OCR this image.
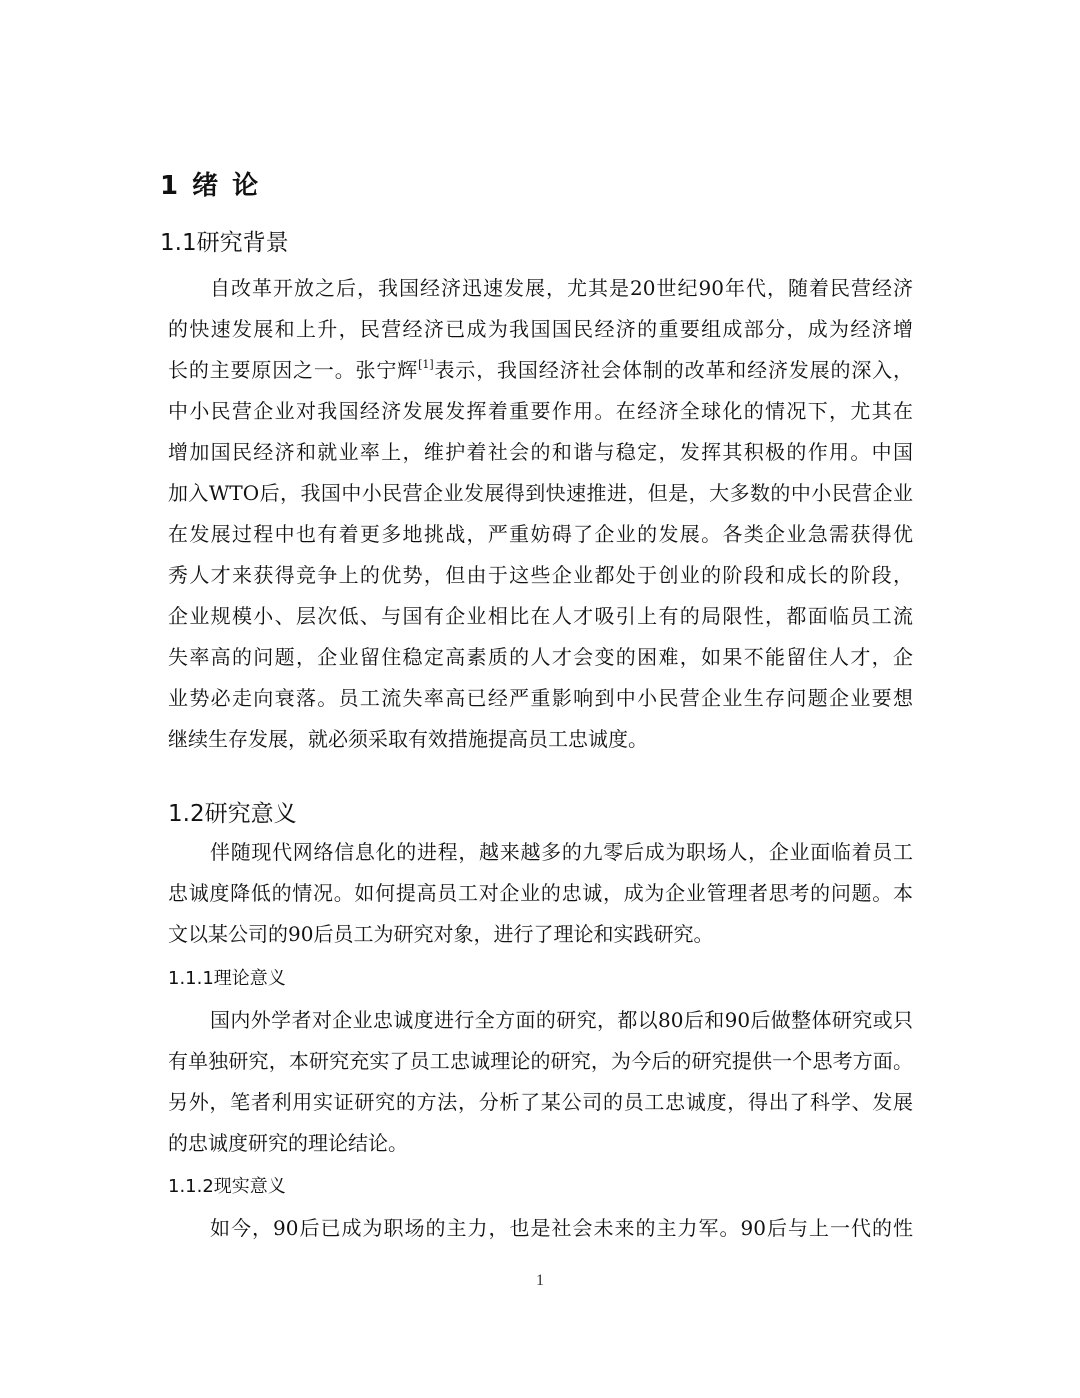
1 绪 论
1.1研究背景
自改革开放之后，我国经济迅速发展，尤其是20世纪90年代，随着民营经济
的快速发展和上升，民营经济已成为我国国民经济的重要组成部分，成为经济增
长的主要原因之一。张宁辉[1]表示，我国经济社会体制的改革和经济发展的深入，
中小民营企业对我国经济发展发挥着重要作用。在经济全球化的情况下，尤其在
增加国民经济和就业率上，维护着社会的和谐与稳定，发挥其积极的作用。中国
加入WTO后，我国中小民营企业发展得到快速推进，但是，大多数的中小民营企业
在发展过程中也有着更多地挑战，严重妨碍了企业的发展。各类企业急需获得优
秀人才来获得竞争上的优势，但由于这些企业都处于创业的阶段和成长的阶段，
企业规模小、层次低、与国有企业相比在人才吸引上有的局限性，都面临员工流
失率高的问题，企业留住稳定高素质的人才会变的困难，如果不能留住人才，企
业势必走向衰落。员工流失率高已经严重影响到中小民营企业生存问题企业要想
继续生存发展，就必须采取有效措施提高员工忠诚度。
1.2研究意义
伴随现代网络信息化的进程，越来越多的九零后成为职场人，企业面临着员工
忠诚度降低的情况。如何提高员工对企业的忠诚，成为企业管理者思考的问题。本
文以某公司的90后员工为研究对象，进行了理论和实践研究。
1.1.1理论意义
国内外学者对企业忠诚度进行全方面的研究，都以80后和90后做整体研究或只
有单独研究，本研究充实了员工忠诚理论的研究，为今后的研究提供一个思考方面。
另外，笔者利用实证研究的方法，分析了某公司的员工忠诚度，得出了科学、发展
的忠诚度研究的理论结论。
1.1.2现实意义
如今，90后已成为职场的主力，也是社会未来的主力军。90后与上一代的性
1
